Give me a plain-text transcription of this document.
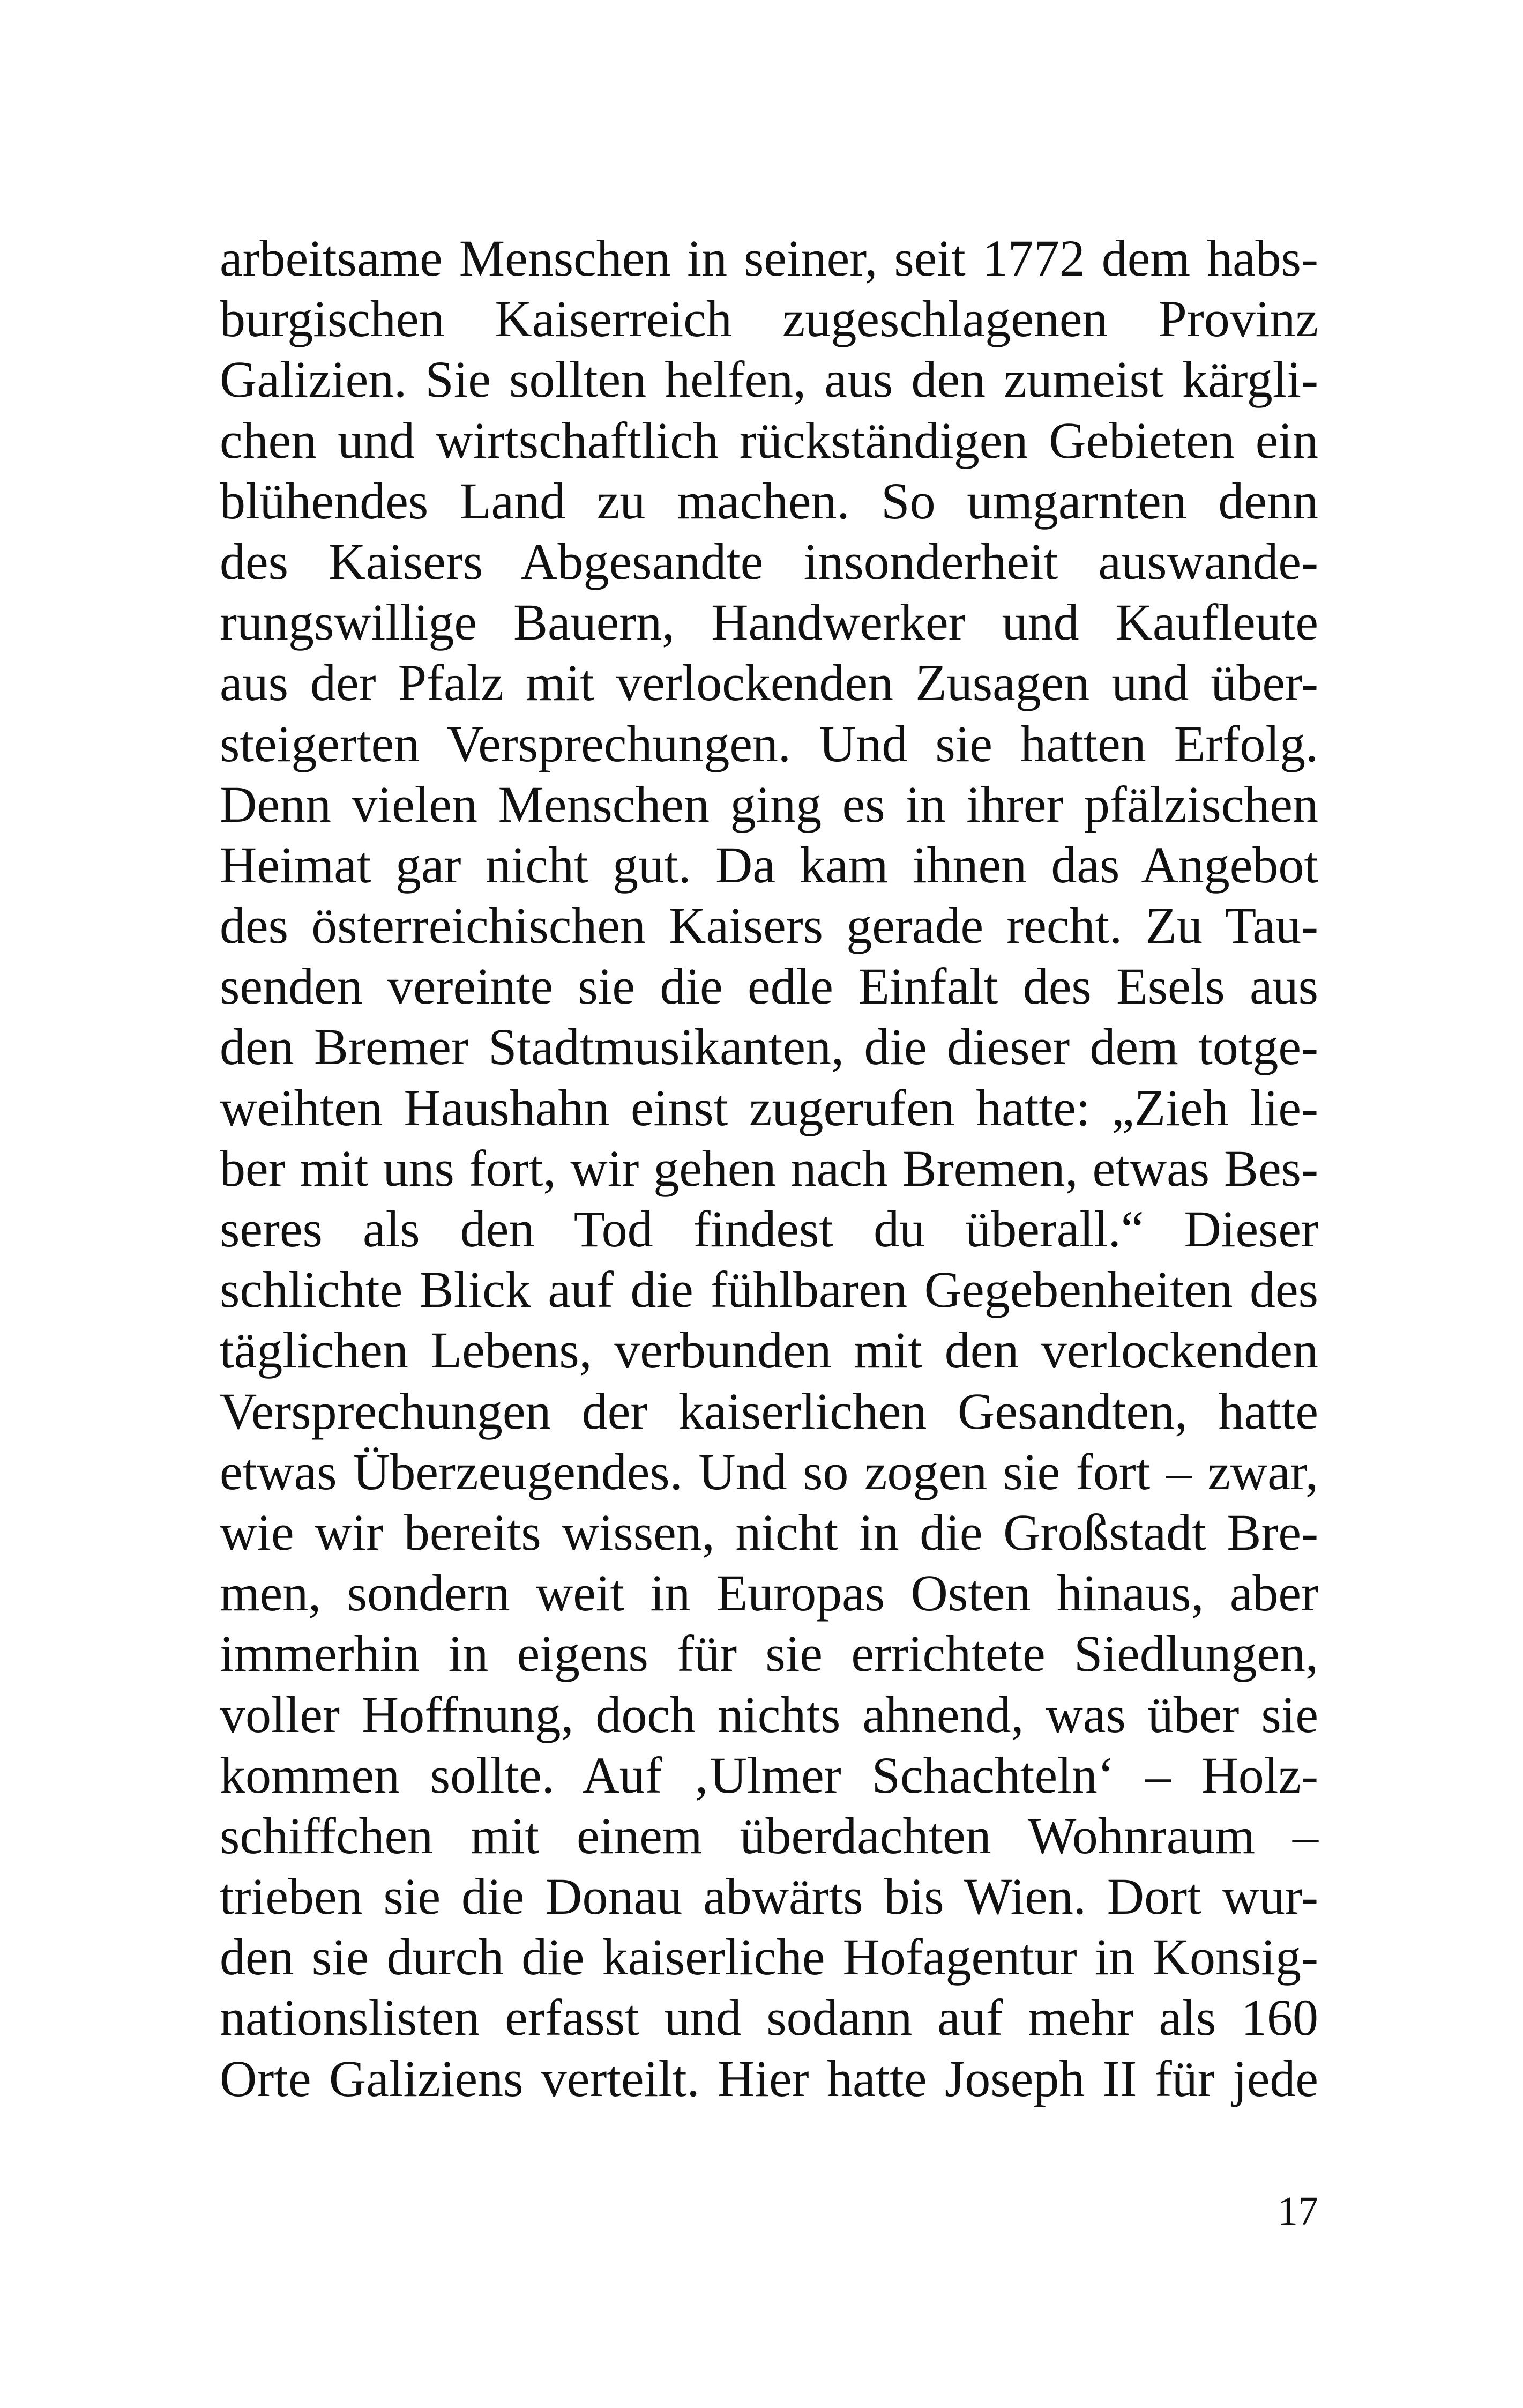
arbeitsame Menschen in seiner, seit 1772 dem habs-
burgischen Kaiserreich zugeschlagenen Provinz
Galizien. Sie sollten helfen, aus den zumeist kärgli-
chen und wirtschaftlich rückständigen Gebieten ein
blühendes Land zu machen. So umgarnten denn
des Kaisers Abgesandte insonderheit auswande-
rungswillige Bauern, Handwerker und Kaufleute
aus der Pfalz mit verlockenden Zusagen und über-
steigerten Versprechungen. Und sie hatten Erfolg.
Denn vielen Menschen ging es in ihrer pfälzischen
Heimat gar nicht gut. Da kam ihnen das Angebot
des österreichischen Kaisers gerade recht. Zu Tau-
senden vereinte sie die edle Einfalt des Esels aus
den Bremer Stadtmusikanten, die dieser dem totge-
weihten Haushahn einst zugerufen hatte: „Zieh lie-
ber mit uns fort, wir gehen nach Bremen, etwas Bes-
seres als den Tod findest du überall.“ Dieser
schlichte Blick auf die fühlbaren Gegebenheiten des
täglichen Lebens, verbunden mit den verlockenden
Versprechungen der kaiserlichen Gesandten, hatte
etwas Überzeugendes. Und so zogen sie fort – zwar,
wie wir bereits wissen, nicht in die Großstadt Bre-
men, sondern weit in Europas Osten hinaus, aber
immerhin in eigens für sie errichtete Siedlungen,
voller Hoffnung, doch nichts ahnend, was über sie
kommen sollte. Auf ‚Ulmer Schachteln‘ – Holz-
schiffchen mit einem überdachten Wohnraum –
trieben sie die Donau abwärts bis Wien. Dort wur-
den sie durch die kaiserliche Hofagentur in Konsig-
nationslisten erfasst und sodann auf mehr als 160
Orte Galiziens verteilt. Hier hatte Joseph II für jede
17
